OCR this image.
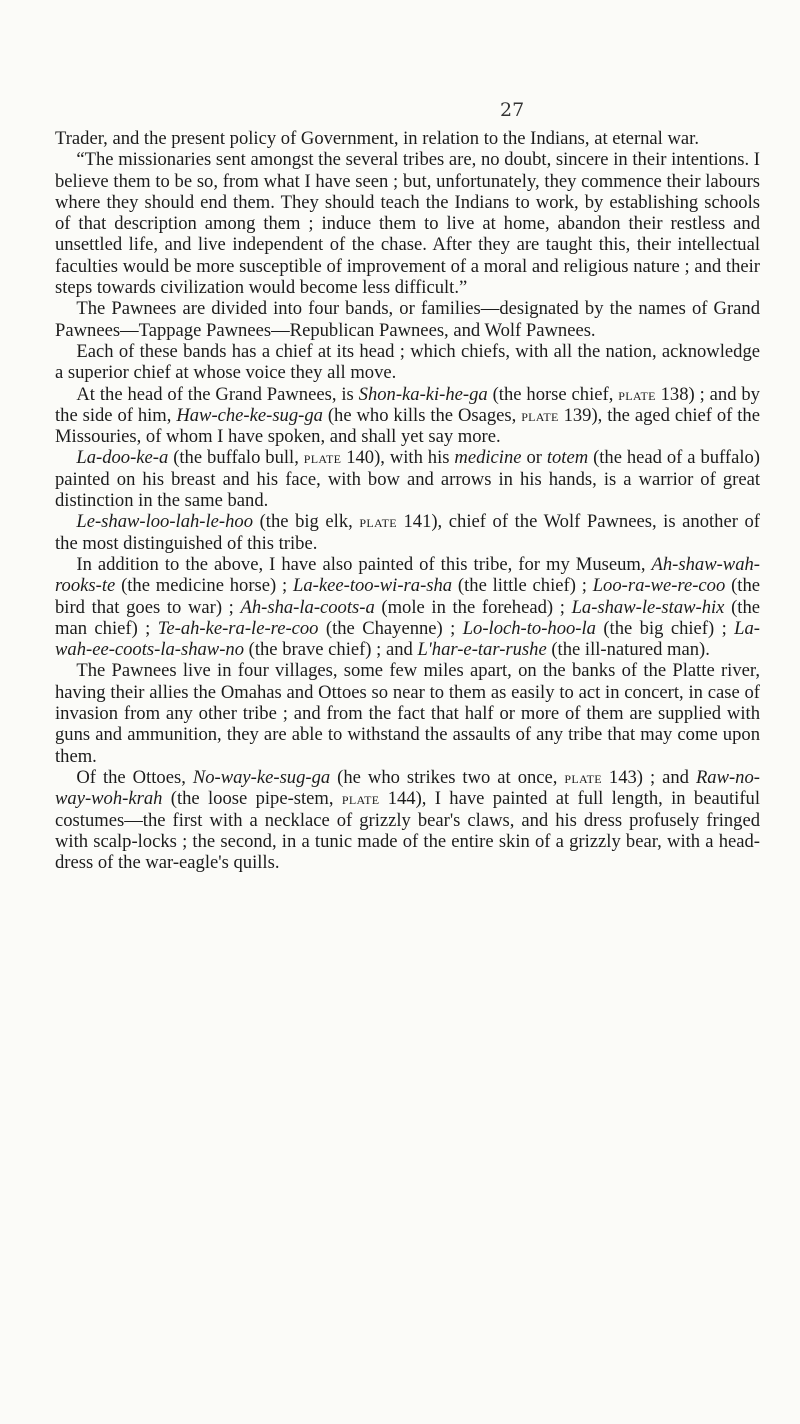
27

Trader, and the present policy of Government, in relation to the Indians, at eternal war.

“The missionaries sent amongst the several tribes are, no doubt, sincere in their intentions. I believe them to be so, from what I have seen ; but, unfortunately, they commence their labours where they should end them. They should teach the Indians to work, by establishing schools of that description among them ; induce them to live at home, abandon their restless and unsettled life, and live independent of the chase. After they are taught this, their intellectual faculties would be more susceptible of improvement of a moral and religious nature ; and their steps towards civilization would become less difficult.”

The Pawnees are divided into four bands, or families—designated by the names of Grand Pawnees—Tappage Pawnees—Republican Pawnees, and Wolf Pawnees.

Each of these bands has a chief at its head ; which chiefs, with all the nation, acknowledge a superior chief at whose voice they all move.

At the head of the Grand Pawnees, is Shon-ka-ki-he-ga (the horse chief, plate 138) ; and by the side of him, Haw-che-ke-sug-ga (he who kills the Osages, plate 139), the aged chief of the Missouries, of whom I have spoken, and shall yet say more.

La-doo-ke-a (the buffalo bull, plate 140), with his medicine or totem (the head of a buffalo) painted on his breast and his face, with bow and arrows in his hands, is a warrior of great distinction in the same band.

Le-shaw-loo-lah-le-hoo (the big elk, plate 141), chief of the Wolf Pawnees, is another of the most distinguished of this tribe.

In addition to the above, I have also painted of this tribe, for my Museum, Ah-shaw-wah-rooks-te (the medicine horse) ; La-kee-too-wi-ra-sha (the little chief) ; Loo-ra-we-re-coo (the bird that goes to war) ; Ah-sha-la-coots-a (mole in the forehead) ; La-shaw-le-staw-hix (the man chief) ; Te-ah-ke-ra-le-re-coo (the Chayenne) ; Lo-loch-to-hoo-la (the big chief) ; La-wah-ee-coots-la-shaw-no (the brave chief) ; and L'har-e-tar-rushe (the ill-natured man).

The Pawnees live in four villages, some few miles apart, on the banks of the Platte river, having their allies the Omahas and Ottoes so near to them as easily to act in concert, in case of invasion from any other tribe ; and from the fact that half or more of them are supplied with guns and ammunition, they are able to withstand the assaults of any tribe that may come upon them.

Of the Ottoes, No-way-ke-sug-ga (he who strikes two at once, plate 143) ; and Raw-no-way-woh-krah (the loose pipe-stem, plate 144), I have painted at full length, in beautiful costumes—the first with a necklace of grizzly bear's claws, and his dress profusely fringed with scalp-locks ; the second, in a tunic made of the entire skin of a grizzly bear, with a head-dress of the war-eagle's quills.
